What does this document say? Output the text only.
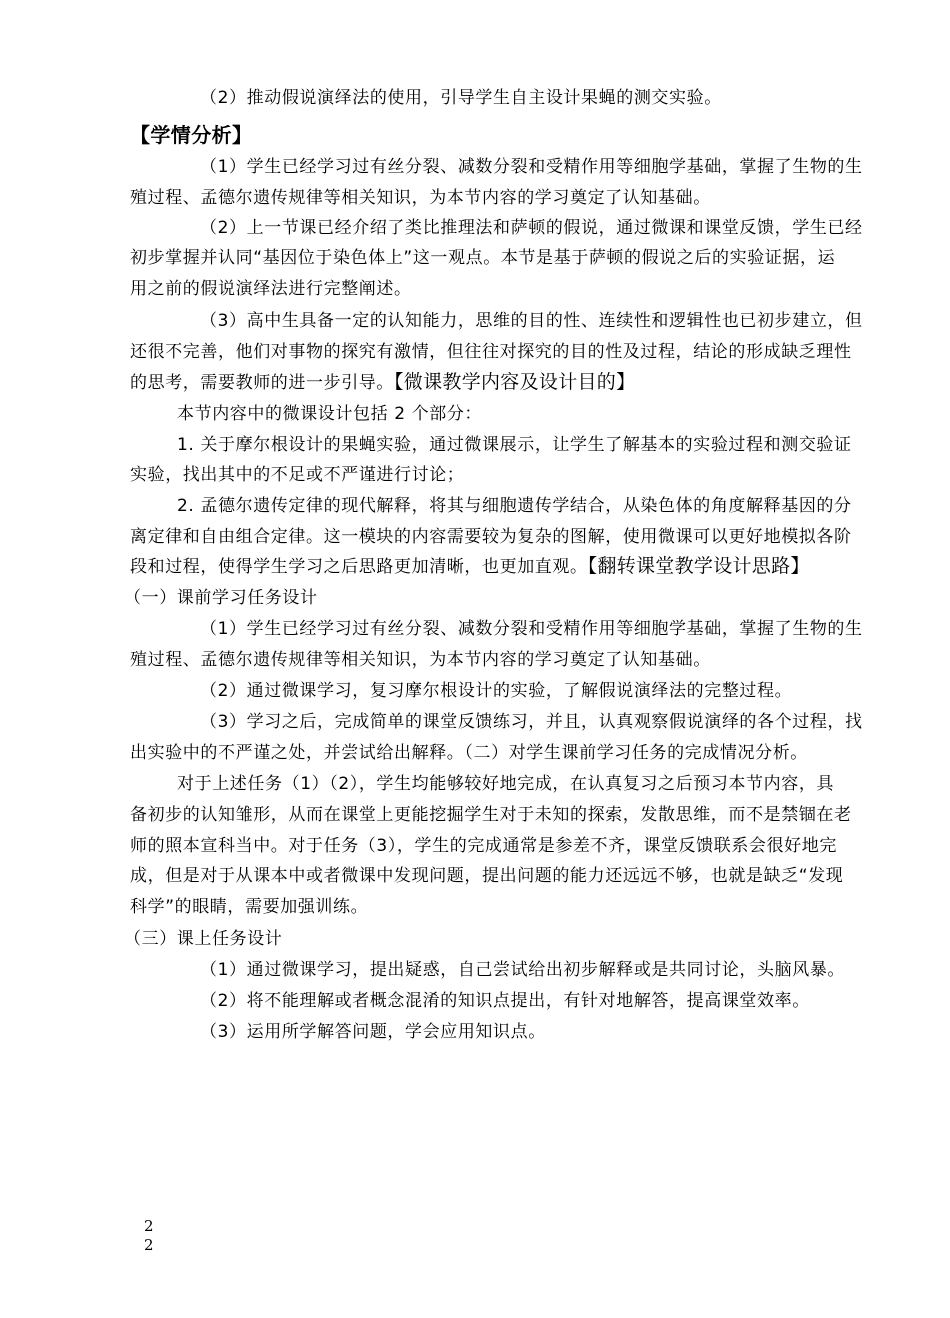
（2）推动假说演绎法的使用，引导学生自主设计果蝇的测交实验。
【学情分析】
（1）学生已经学习过有丝分裂、减数分裂和受精作用等细胞学基础，掌握了生物的生
殖过程、孟德尔遗传规律等相关知识，为本节内容的学习奠定了认知基础。
（2）上一节课已经介绍了类比推理法和萨顿的假说，通过微课和课堂反馈，学生已经
初步掌握并认同“基因位于染色体上”这一观点。本节是基于萨顿的假说之后的实验证据，运
用之前的假说演绎法进行完整阐述。
（3）高中生具备一定的认知能力，思维的目的性、连续性和逻辑性也已初步建立，但
还很不完善，他们对事物的探究有激情，但往往对探究的目的性及过程，结论的形成缺乏理性
的思考，需要教师的进一步引导。【微课教学内容及设计目的】
本节内容中的微课设计包括 2 个部分：
1. 关于摩尔根设计的果蝇实验，通过微课展示，让学生了解基本的实验过程和测交验证
实验，找出其中的不足或不严谨进行讨论；
2. 孟德尔遗传定律的现代解释，将其与细胞遗传学结合，从染色体的角度解释基因的分
离定律和自由组合定律。这一模块的内容需要较为复杂的图解，使用微课可以更好地模拟各阶
段和过程，使得学生学习之后思路更加清晰，也更加直观。【翻转课堂教学设计思路】
（一）课前学习任务设计
（1）学生已经学习过有丝分裂、减数分裂和受精作用等细胞学基础，掌握了生物的生
殖过程、孟德尔遗传规律等相关知识，为本节内容的学习奠定了认知基础。
（2）通过微课学习，复习摩尔根设计的实验，了解假说演绎法的完整过程。
（3）学习之后，完成简单的课堂反馈练习，并且，认真观察假说演绎的各个过程，找
出实验中的不严谨之处，并尝试给出解释。（二）对学生课前学习任务的完成情况分析。
对于上述任务（1）（2），学生均能够较好地完成，在认真复习之后预习本节内容，具
备初步的认知雏形，从而在课堂上更能挖掘学生对于未知的探索，发散思维，而不是禁锢在老
师的照本宣科当中。对于任务（3），学生的完成通常是参差不齐，课堂反馈联系会很好地完
成，但是对于从课本中或者微课中发现问题，提出问题的能力还远远不够，也就是缺乏“发现
科学”的眼睛，需要加强训练。
（三）课上任务设计
（1）通过微课学习，提出疑惑，自己尝试给出初步解释或是共同讨论，头脑风暴。
（2）将不能理解或者概念混淆的知识点提出，有针对地解答，提高课堂效率。
（3）运用所学解答问题，学会应用知识点。
2
2
